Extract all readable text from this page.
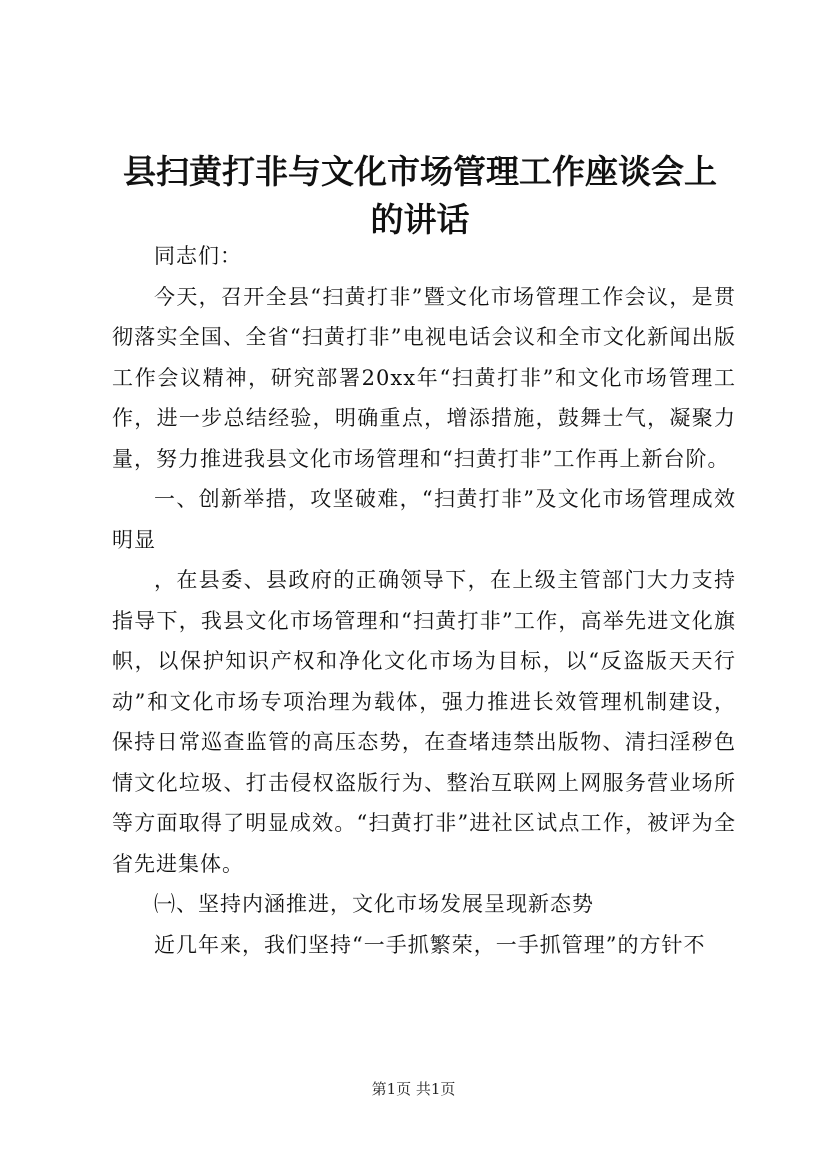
县扫黄打非与文化市场管理工作座谈会上的讲话

同志们：

今天，召开全县“扫黄打非”暨文化市场管理工作会议，是贯彻落实全国、全省“扫黄打非”电视电话会议和全市文化新闻出版工作会议精神，研究部署20xx年“扫黄打非”和文化市场管理工作，进一步总结经验，明确重点，增添措施，鼓舞士气，凝聚力量，努力推进我县文化市场管理和“扫黄打非”工作再上新台阶。

一、创新举措，攻坚破难，“扫黄打非”及文化市场管理成效明显

，在县委、县政府的正确领导下，在上级主管部门大力支持指导下，我县文化市场管理和“扫黄打非”工作，高举先进文化旗帜，以保护知识产权和净化文化市场为目标，以“反盗版天天行动”和文化市场专项治理为载体，强力推进长效管理机制建设，保持日常巡查监管的高压态势，在查堵违禁出版物、清扫淫秽色情文化垃圾、打击侵权盗版行为、整治互联网上网服务营业场所等方面取得了明显成效。“扫黄打非”进社区试点工作，被评为全省先进集体。

㈠、坚持内涵推进，文化市场发展呈现新态势

近几年来，我们坚持“一手抓繁荣，一手抓管理”的方针不

第1页 共1页
